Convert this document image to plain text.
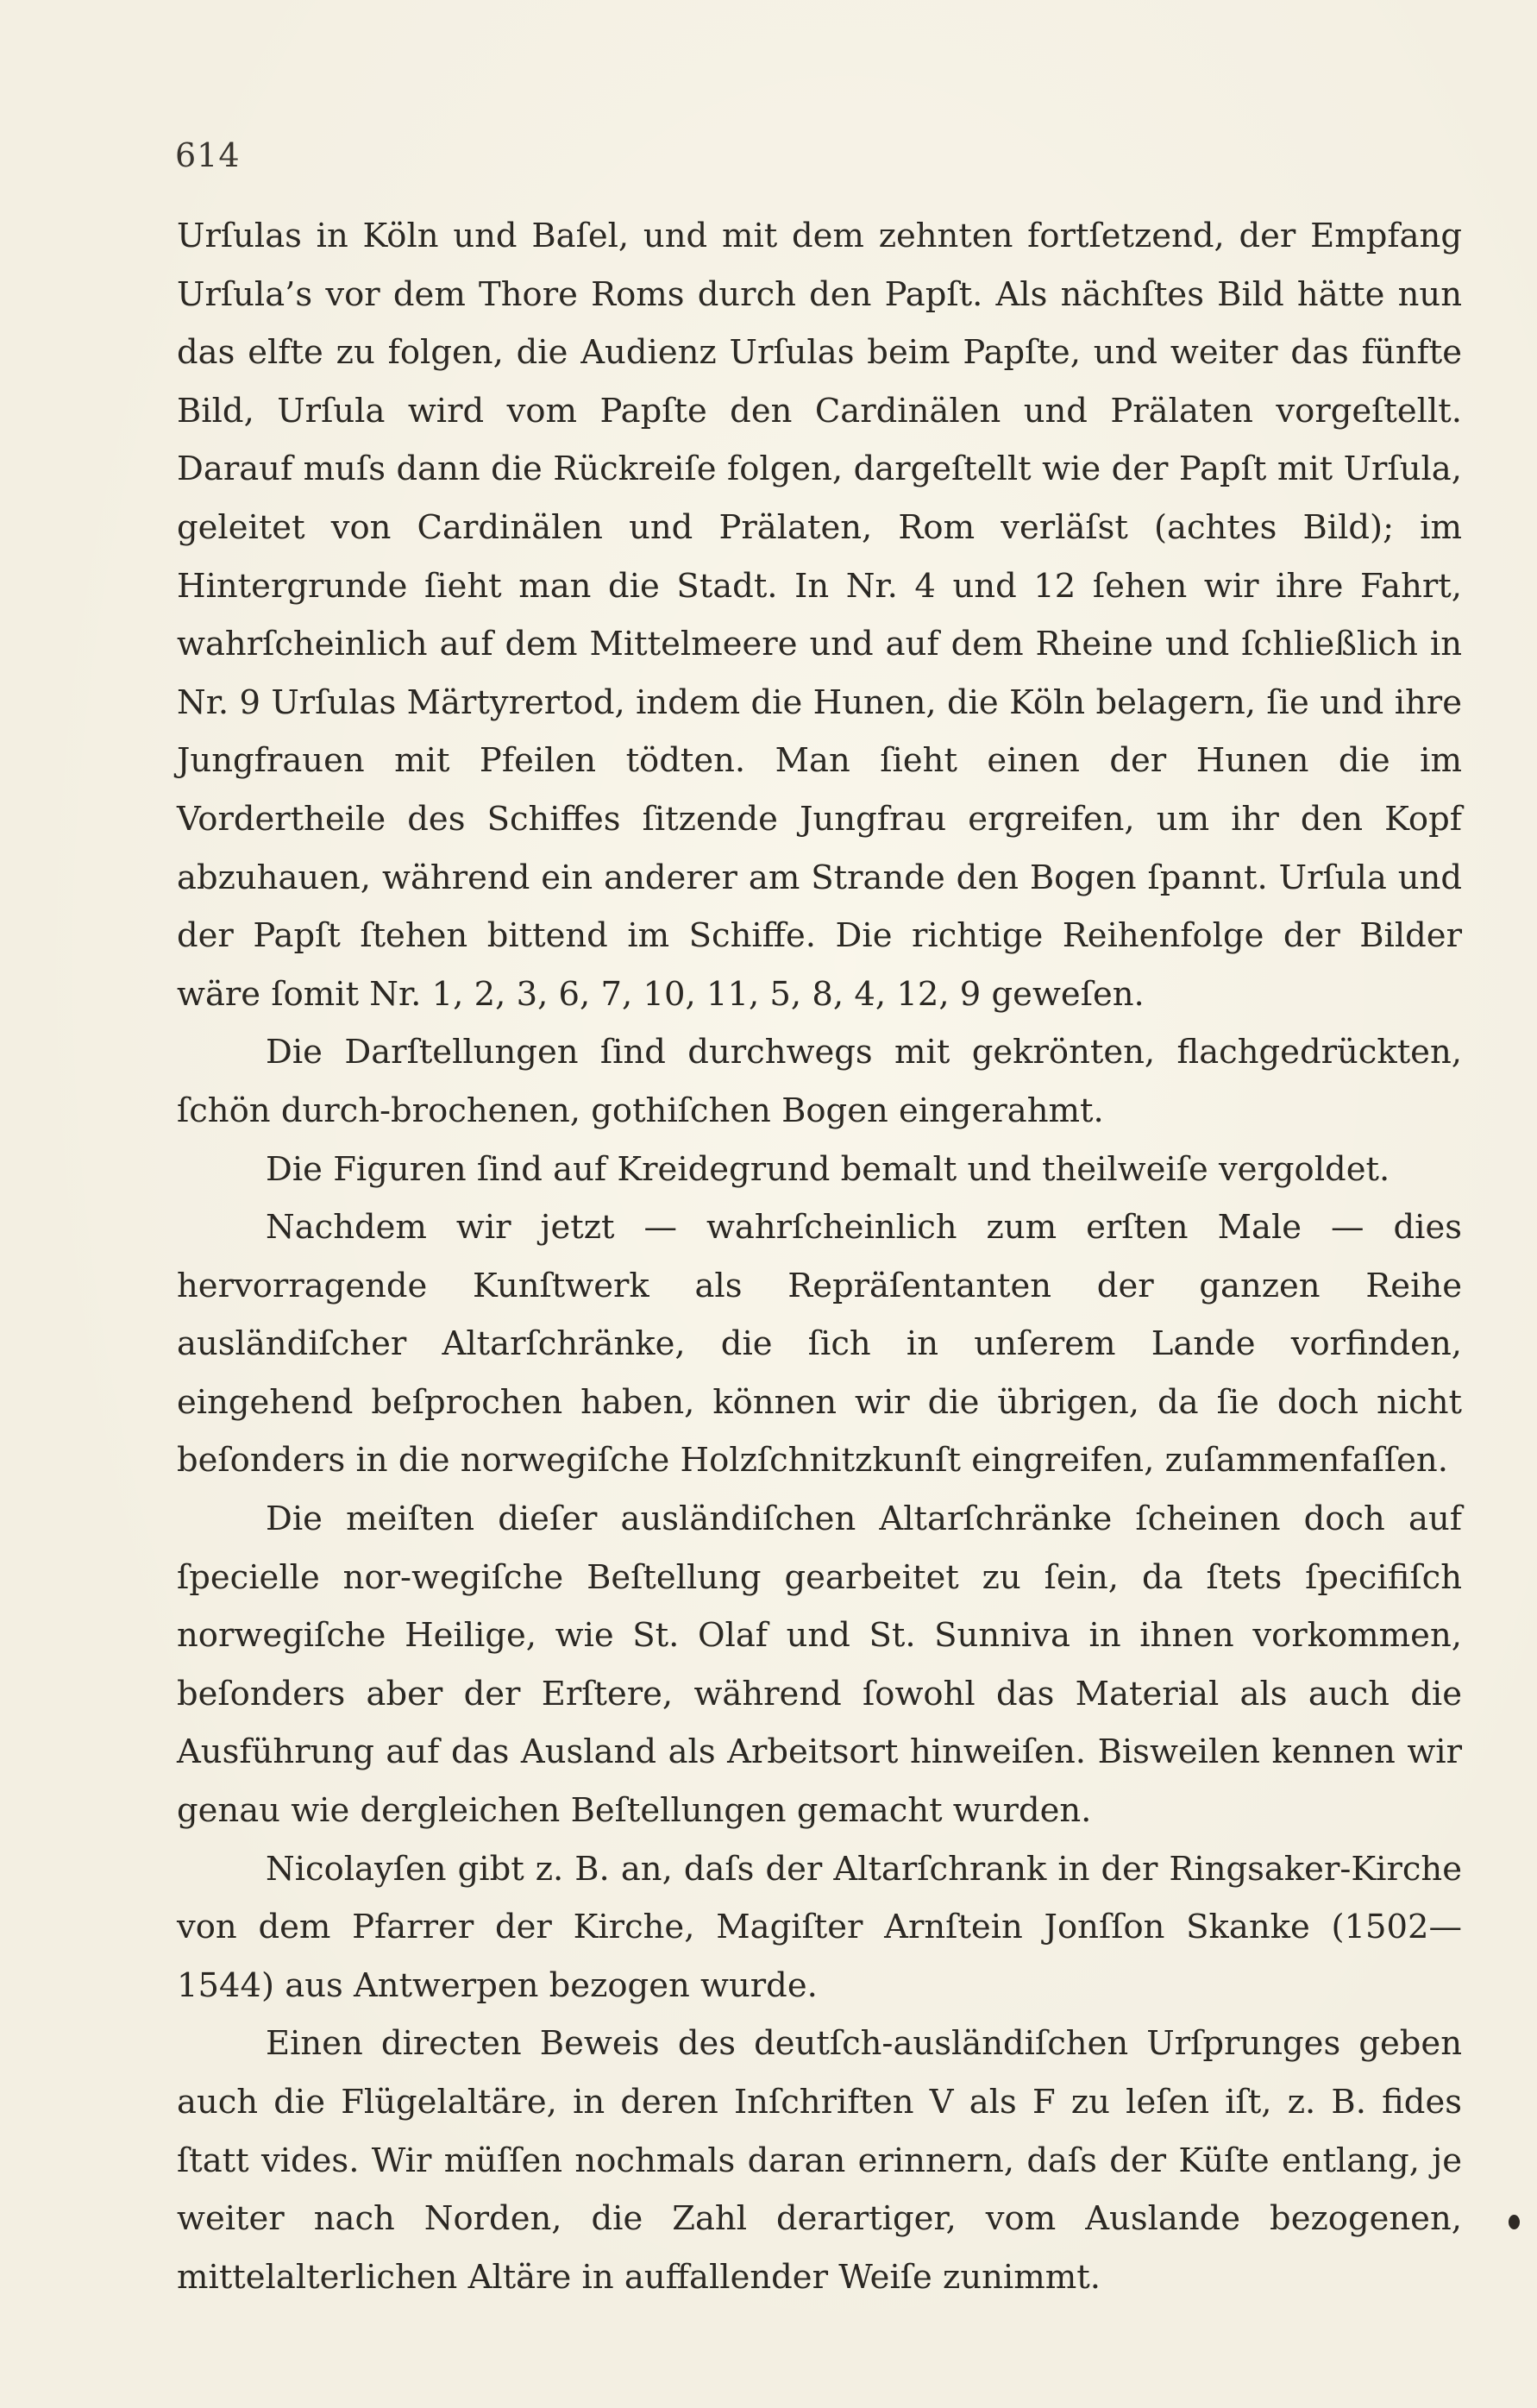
614

Urſulas in Köln und Baſel, und mit dem zehnten fortſetzend, der Empfang Urſula’s vor dem Thore Roms durch den Papſt. Als nächſtes Bild hätte nun das elfte zu folgen, die Audienz Urſulas beim Papſte, und weiter das fünfte Bild, Urſula wird vom Papſte den Cardinälen und Prälaten vorgeſtellt. Darauf muſs dann die Rückreiſe folgen, dargeſtellt wie der Papſt mit Urſula, geleitet von Cardinälen und Prälaten, Rom verläſst (achtes Bild); im Hintergrunde ſieht man die Stadt. In Nr. 4 und 12 ſehen wir ihre Fahrt, wahrſcheinlich auf dem Mittelmeere und auf dem Rheine und ſchließlich in Nr. 9 Urſulas Märtyrertod, indem die Hunen, die Köln belagern, ſie und ihre Jungfrauen mit Pfeilen tödten. Man ſieht einen der Hunen die im Vordertheile des Schiffes ſitzende Jungfrau ergreifen, um ihr den Kopf abzuhauen, während ein anderer am Strande den Bogen ſpannt. Urſula und der Papſt ſtehen bittend im Schiffe. Die richtige Reihenfolge der Bilder wäre ſomit Nr. 1, 2, 3, 6, 7, 10, 11, 5, 8, 4, 12, 9 geweſen.

Die Darſtellungen ſind durchwegs mit gekrönten, flachgedrückten, ſchön durch-brochenen, gothiſchen Bogen eingerahmt.

Die Figuren ſind auf Kreidegrund bemalt und theilweiſe vergoldet.

Nachdem wir jetzt — wahrſcheinlich zum erſten Male — dies hervorragende Kunſtwerk als Repräſentanten der ganzen Reihe ausländiſcher Altarſchränke, die ſich in unſerem Lande vorfinden, eingehend beſprochen haben, können wir die übrigen, da ſie doch nicht beſonders in die norwegiſche Holzſchnitzkunſt eingreifen, zuſammenfaſſen.

Die meiſten dieſer ausländiſchen Altarſchränke ſcheinen doch auf ſpecielle nor-wegiſche Beſtellung gearbeitet zu ſein, da ſtets ſpecifiſch norwegiſche Heilige, wie St. Olaf und St. Sunniva in ihnen vorkommen, beſonders aber der Erſtere, während ſowohl das Material als auch die Ausführung auf das Ausland als Arbeitsort hinweiſen. Bisweilen kennen wir genau wie dergleichen Beſtellungen gemacht wurden.

Nicolayſen gibt z. B. an, daſs der Altarſchrank in der Ringsaker-Kirche von dem Pfarrer der Kirche, Magiſter Arnſtein Jonſſon Skanke (1502—1544) aus Antwerpen bezogen wurde.

Einen directen Beweis des deutſch-ausländiſchen Urſprunges geben auch die Flügelaltäre, in deren Inſchriften V als F zu leſen iſt, z. B. fides ſtatt vides. Wir müſſen nochmals daran erinnern, daſs der Küſte entlang, je weiter nach Norden, die Zahl derartiger, vom Auslande bezogenen, mittelalterlichen Altäre in auffallender Weiſe zunimmt.
